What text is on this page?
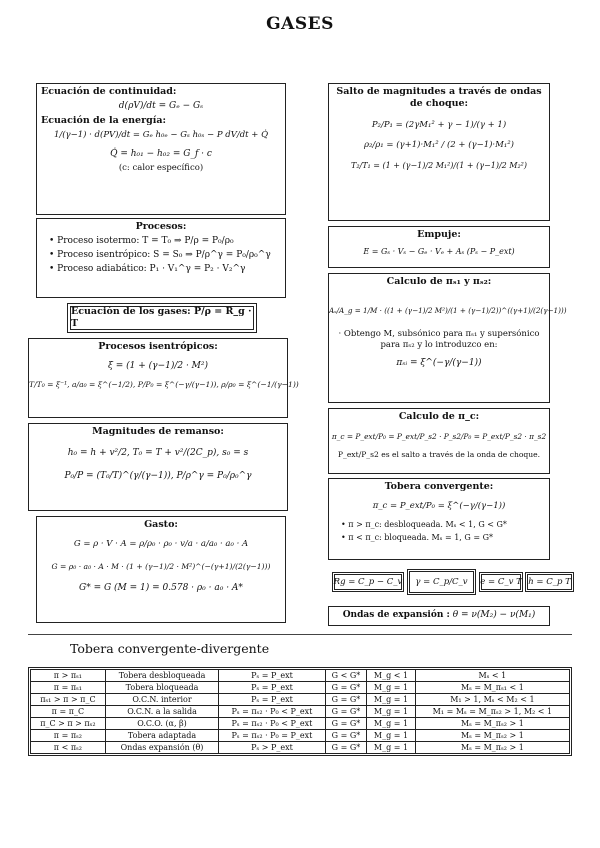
GASES
Ecuación de continuidad:
d(ρV)/dt = Gₑ − Gₛ
Ecuación de la energía:
1/(γ−1) · d(PV)/dt = Gₑ h₀ₑ − Gₛ h₀ₛ − P dV/dt + Q̇
Q̇ = h₀₁ − h₀₂ = G_f · c
(c: calor específico)
Procesos:
• Proceso isotermo: T = T₀ ⇒ P/ρ = P₀/ρ₀
• Proceso isentrópico: S = S₀ ⇒ P/ρ^γ = P₀/ρ₀^γ
• Proceso adiabático: P₁ · V₁^γ = P₂ · V₂^γ
Ecuación de los gases: P/ρ = R_g · T
Procesos isentrópicos:
ξ = (1 + (γ−1)/2 · M²)
T/T₀ = ξ⁻¹, a/a₀ = ξ^(−1/2), P/P₀ = ξ^(−γ/(γ−1)), ρ/ρ₀ = ξ^(−1/(γ−1))
Magnitudes de remanso:
h₀ = h + v²/2, T₀ = T + v²/(2C_p), s₀ = s
P₀/P = (T₀/T)^(γ/(γ−1)), P/ρ^γ = P₀/ρ₀^γ
Gasto:
G = ρ · V · A = ρ/ρ₀ · ρ₀ · v/a · a/a₀ · a₀ · A
G = ρ₀ · a₀ · A · M · (1 + (γ−1)/2 · M²)^(−(γ+1)/(2(γ−1)))
G* = G (M = 1) = 0.578 · ρ₀ · a₀ · A*
Salto de magnitudes a través de ondas de choque:
P₂/P₁ = (2γM₁² + γ − 1)/(γ + 1)
ρ₂/ρ₁ = (γ+1)·M₁² / (2 + (γ−1)·M₁²)
T₂/T₁ = (1 + (γ−1)/2 M₁²)/(1 + (γ−1)/2 M₂²)
Empuje:
E = Gₛ · Vₛ − Gₑ · Vₑ + Aₛ (Pₛ − P_ext)
Calculo de πₛ₁ y πₛ₂:
Aₛ/A_g = 1/M · ((1 + (γ−1)/2 M²)/(1 + (γ−1)/2))^((γ+1)/(2(γ−1)))
· Obtengo M, subsónico para πₛ₁ y supersónico para πₛ₂ y lo introduzco en:
πₛᵢ = ξ^(−γ/(γ−1))
Calculo de π_c:
π_c = P_ext/P₀ = P_ext/P_s2 · P_s2/P₀ = P_ext/P_s2 · π_s2
P_ext/P_s2 es el salto a través de la onda de choque.
Tobera convergente:
π_c = P_ext/P₀ = ξ^(−γ/(γ−1))
• π > π_c: desbloqueada. Mₛ < 1, G < G*
• π < π_c: bloqueada. Mₛ = 1, G = G*
Rg = C_p − C_v	γ = C_p/C_v	e = C_v T h = C_p T
Ondas de expansión :
θ = ν(M₂) − ν(M₁)
Tobera convergente-divergente
π > πₛ₁	Tobera desbloqueada	Pₛ = P_ext	G < G*	M_g < 1	Mₛ < 1
π = πₛ₁	Tobera bloqueada	Pₛ = P_ext	G = G*	M_g = 1	Mₛ = M_πₛ₁ < 1
πₛ₁ > π > π_C	O.C.N. interior	Pₛ = P_ext	G = G*	M_g = 1	M₁ > 1, Mₛ < M₂ < 1
π = π_C	O.C.N. a la salida	Pₛ = πₛ₂ · P₀ < P_ext	G = G*	M_g = 1	M₁ = Mₛ = M_πₛ₂ > 1, M₂ < 1
π_C > π > πₛ₂	O.C.O. (α, β)	Pₛ = πₛ₂ · P₀ < P_ext	G = G*	M_g = 1	Mₛ = M_πₛ₂ > 1
π = πₛ₂	Tobera adaptada	Pₛ = πₛ₂ · P₀ = P_ext	G = G*	M_g = 1	Mₛ = M_πₛ₂ > 1
π < πₛ₂	Ondas expansión (θ)	Pₛ > P_ext	G = G*	M_g = 1	Mₛ = M_πₛ₂ > 1
